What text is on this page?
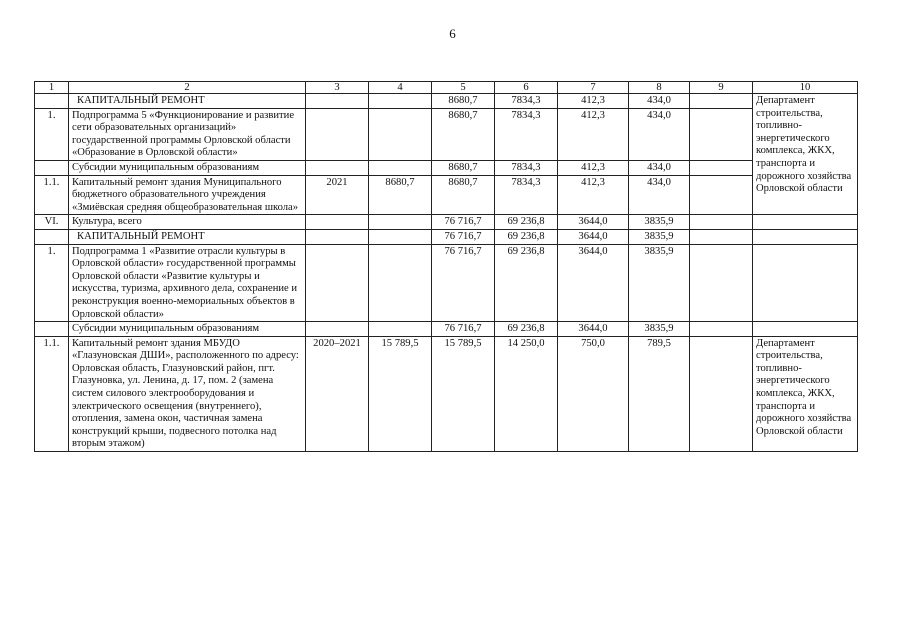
6
1	2	3	4	5	6	7	8	9	10
	КАПИТАЛЬНЫЙ РЕМОНТ			8680,7	7834,3	412,3	434,0		Департамент строительства, топливно-энергетического комплекса, ЖКХ, транспорта и дорожного хозяйства Орловской области
1.	Подпрограмма 5 «Функционирование и развитие сети образовательных организаций» государственной программы Орловской области «Образование в Орловской области»			8680,7	7834,3	412,3	434,0		
	Субсидии муниципальным образованиям			8680,7	7834,3	412,3	434,0		
1.1.	Капитальный ремонт здания Муниципального бюджетного образовательного учреждения «Змиёвская средняя общеобразовательная школа»	2021	8680,7	8680,7	7834,3	412,3	434,0		
VI.	Культура, всего			76 716,7	69 236,8	3644,0	3835,9		
	КАПИТАЛЬНЫЙ РЕМОНТ			76 716,7	69 236,8	3644,0	3835,9		
1.	Подпрограмма 1 «Развитие отрасли культуры в Орловской области» государственной программы Орловской области «Развитие культуры и искусства, туризма, архивного дела, сохранение и реконструкция военно-мемориальных объектов в Орловской области»			76 716,7	69 236,8	3644,0	3835,9		
	Субсидии муниципальным образованиям			76 716,7	69 236,8	3644,0	3835,9		
1.1.	Капитальный ремонт здания МБУДО «Глазуновская ДШИ», расположенного по адресу: Орловская область, Глазуновский район, пгт. Глазуновка, ул. Ленина, д. 17, пом. 2 (замена систем силового электрооборудования и электрического освещения (внутреннего), отопления, замена окон, частичная замена конструкций крыши, подвесного потолка над вторым этажом)	2020–2021	15 789,5	15 789,5	14 250,0	750,0	789,5		Департамент строительства, топливно-энергетического комплекса, ЖКХ, транспорта и дорожного хозяйства Орловской области
